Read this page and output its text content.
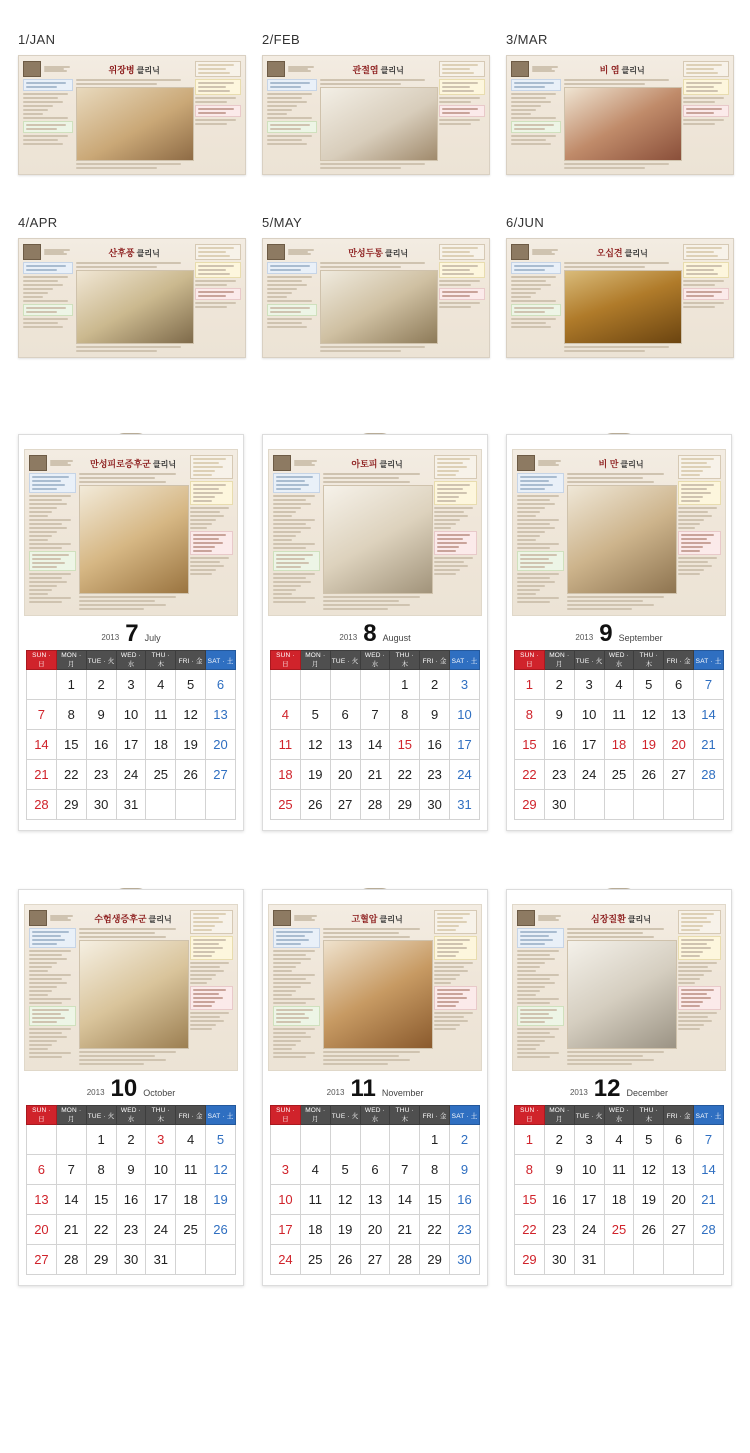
1/JAN
위장병 클리닉
2/FEB
관절염 클리닉
3/MAR
비 염 클리닉
4/APR
산후풍 클리닉
5/MAY
만성두통 클리닉
6/JUN
오십견 클리닉
만성피로증후군 클리닉
2013 7 July
SUN · 日	MON · 月	TUE · 火	WED · 水	THU · 木	FRI · 金	SAT · 土
	1	2	3	4	5	6
7	8	9	10	11	12	13
14	15	16	17	18	19	20
21	22	23	24	25	26	27
28	29	30	31			
아토피 클리닉
2013 8 August
SUN · 日	MON · 月	TUE · 火	WED · 水	THU · 木	FRI · 金	SAT · 土
				1	2	3
4	5	6	7	8	9	10
11	12	13	14	15	16	17
18	19	20	21	22	23	24
25	26	27	28	29	30	31
비 만 클리닉
2013 9 September
SUN · 日	MON · 月	TUE · 火	WED · 水	THU · 木	FRI · 金	SAT · 土
1	2	3	4	5	6	7
8	9	10	11	12	13	14
15	16	17	18	19	20	21
22	23	24	25	26	27	28
29	30					
수험생증후군 클리닉
2013 10 October
SUN · 日	MON · 月	TUE · 火	WED · 水	THU · 木	FRI · 金	SAT · 土
		1	2	3	4	5
6	7	8	9	10	11	12
13	14	15	16	17	18	19
20	21	22	23	24	25	26
27	28	29	30	31		
고혈압 클리닉
2013 11 November
SUN · 日	MON · 月	TUE · 火	WED · 水	THU · 木	FRI · 金	SAT · 土
					1	2
3	4	5	6	7	8	9
10	11	12	13	14	15	16
17	18	19	20	21	22	23
24	25	26	27	28	29	30
심장질환 클리닉
2013 12 December
SUN · 日	MON · 月	TUE · 火	WED · 水	THU · 木	FRI · 金	SAT · 土
1	2	3	4	5	6	7
8	9	10	11	12	13	14
15	16	17	18	19	20	21
22	23	24	25	26	27	28
29	30	31				
